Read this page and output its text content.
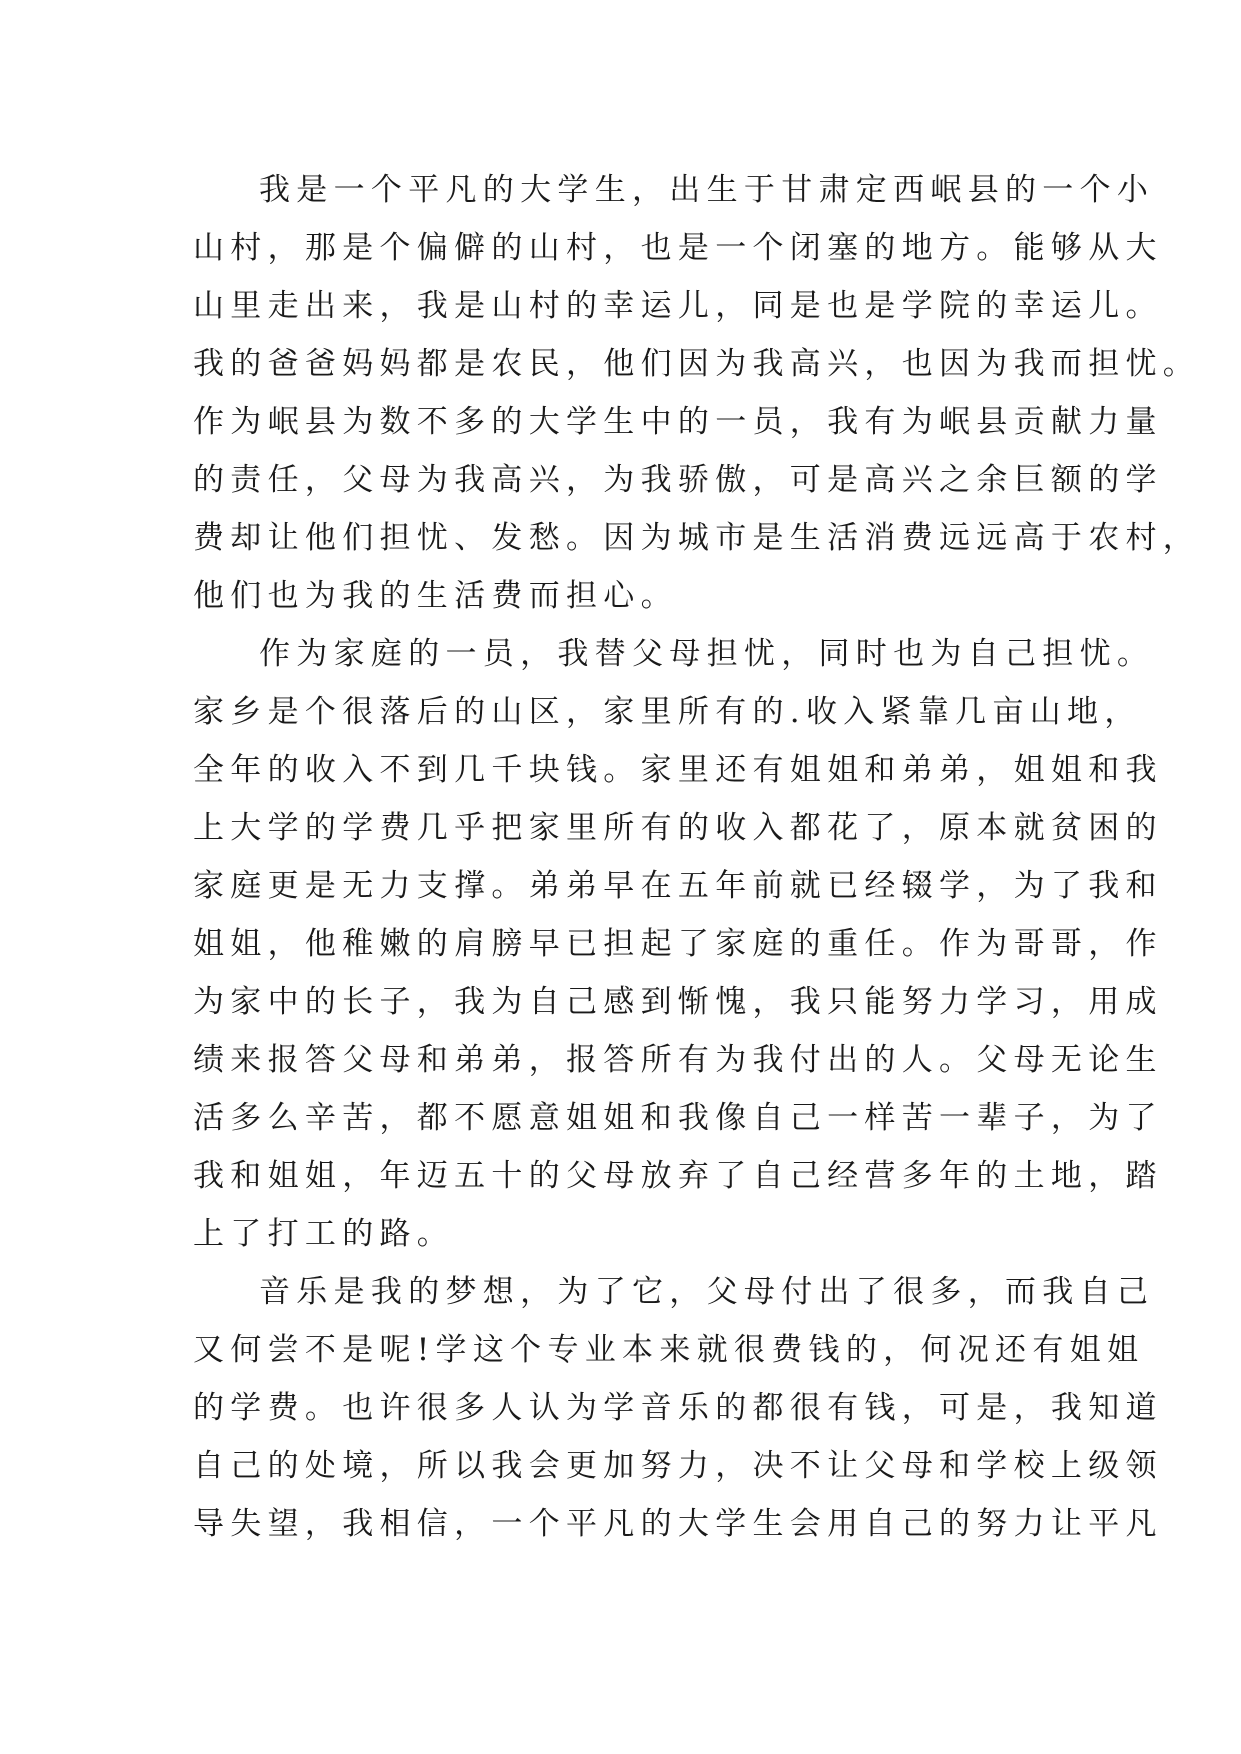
我是一个平凡的大学生，出生于甘肃定西岷县的一个小
山村，那是个偏僻的山村，也是一个闭塞的地方。能够从大
山里走出来，我是山村的幸运儿，同是也是学院的幸运儿。
我的爸爸妈妈都是农民，他们因为我高兴，也因为我而担忧。
作为岷县为数不多的大学生中的一员，我有为岷县贡献力量
的责任，父母为我高兴，为我骄傲，可是高兴之余巨额的学
费却让他们担忧、发愁。因为城市是生活消费远远高于农村，
他们也为我的生活费而担心。
作为家庭的一员，我替父母担忧，同时也为自己担忧。
家乡是个很落后的山区，家里所有的.收入紧靠几亩山地，
全年的收入不到几千块钱。家里还有姐姐和弟弟，姐姐和我
上大学的学费几乎把家里所有的收入都花了，原本就贫困的
家庭更是无力支撑。弟弟早在五年前就已经辍学，为了我和
姐姐，他稚嫩的肩膀早已担起了家庭的重任。作为哥哥，作
为家中的长子，我为自己感到惭愧，我只能努力学习，用成
绩来报答父母和弟弟，报答所有为我付出的人。父母无论生
活多么辛苦，都不愿意姐姐和我像自己一样苦一辈子，为了
我和姐姐，年迈五十的父母放弃了自己经营多年的土地，踏
上了打工的路。
音乐是我的梦想，为了它，父母付出了很多，而我自己
又何尝不是呢!学这个专业本来就很费钱的，何况还有姐姐
的学费。也许很多人认为学音乐的都很有钱，可是，我知道
自己的处境，所以我会更加努力，决不让父母和学校上级领
导失望，我相信，一个平凡的大学生会用自己的努力让平凡
